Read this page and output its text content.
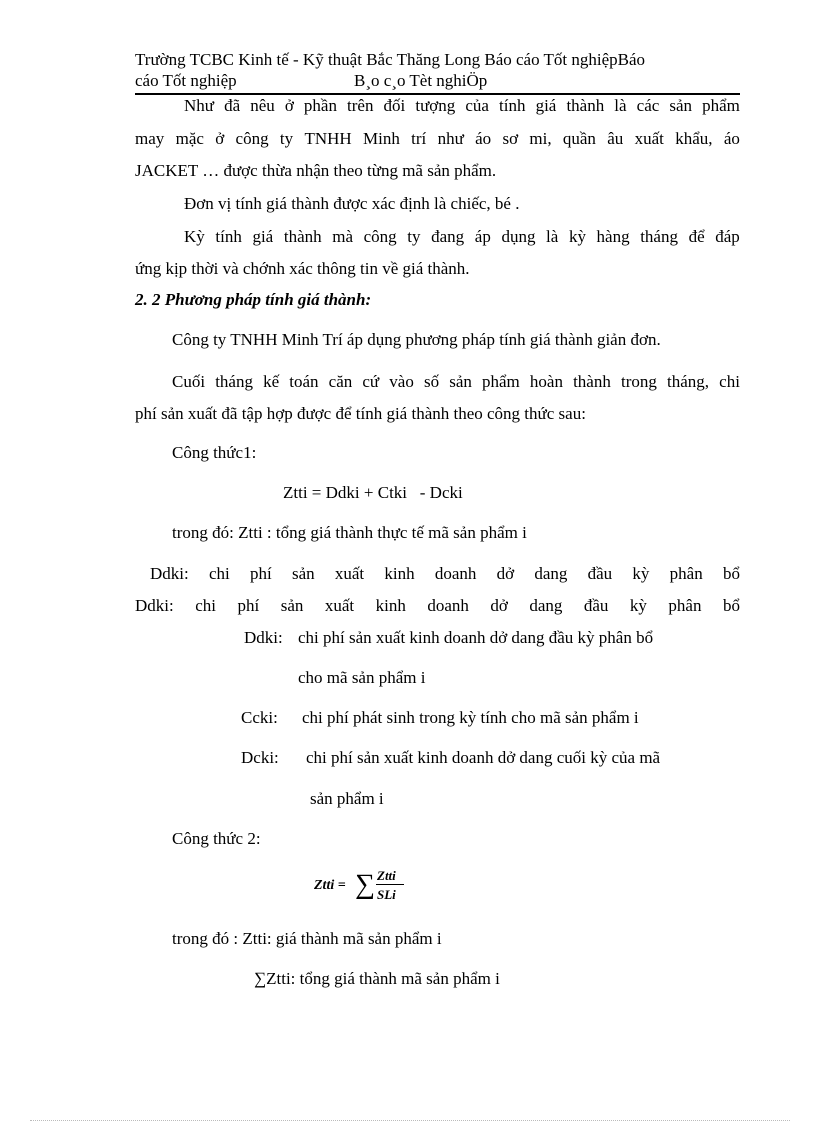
Trường TCBC Kinh tế - Kỹ thuật Bắc Thăng Long Báo cáo Tốt nghiệpBáo
cáo Tốt nghiệp	B¸o c¸o Tèt nghiÖp
Như đã nêu ở phần trên đối tượng của tính giá thành là các sản phẩm
may mặc ở công ty TNHH Minh trí như áo sơ mi, quần âu xuất khẩu, áo
JACKET … được thừa nhận theo từng mã sản phẩm.
Đơn vị tính giá thành được xác định là chiếc, bé .
Kỳ tính giá thành mà công ty đang áp dụng là kỳ hàng tháng để đáp
ứng kịp thời và chớnh xác thông tin về giá thành.
2. 2 Phương pháp tính giá thành:
Công ty TNHH Minh Trí áp dụng phương pháp tính giá thành giản đơn.
Cuối tháng kế toán căn cứ vào số sản phẩm hoàn thành trong tháng, chi
phí sản xuất đã tập hợp được để tính giá thành theo công thức sau:
Công thức1:
Ztti = Ddki + Ctki   - Dcki
trong đó: Ztti : tổng giá thành thực tế mã sản phẩm i
Ddki: chi phí sản xuất kinh doanh dở dang đầu kỳ phân bổ
Ddki: chi phí sản xuất kinh doanh dở dang đầu kỳ phân bổ
Ddki: chi phí sản xuất kinh doanh dở dang đầu kỳ phân bổ
cho mã sản phẩm i
Ccki: chi phí phát sinh trong kỳ tính cho mã sản phẩm i
Dcki: chi phí sản xuất kinh doanh dở dang cuối kỳ của mã
sản phẩm i
Công thức 2:
Ztti = ∑ Ztti
SLi
trong đó : Ztti: giá thành mã sản phẩm i
∑Ztti: tổng giá thành mã sản phẩm i
